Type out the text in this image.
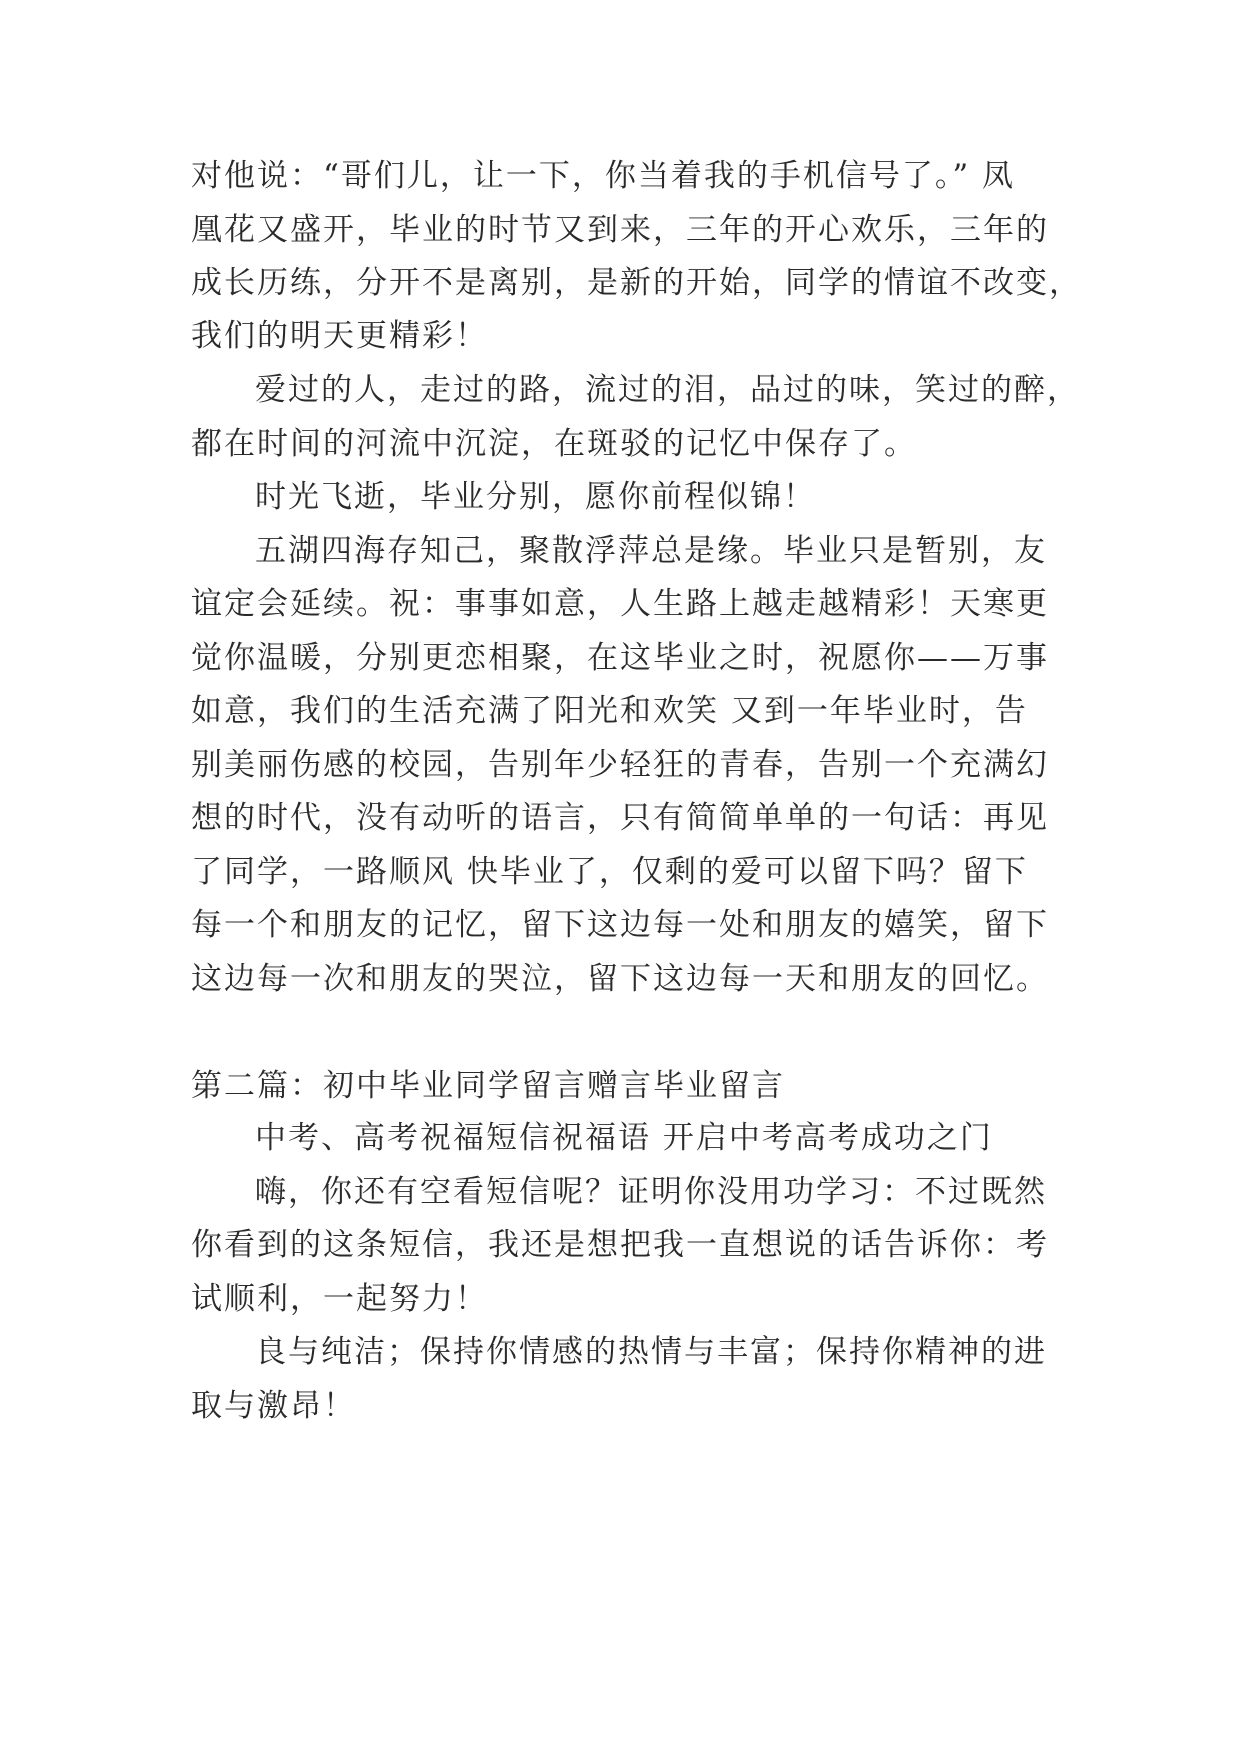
对他说：“哥们儿，让一下，你当着我的手机信号了。” 凤
凰花又盛开，毕业的时节又到来，三年的开心欢乐，三年的
成长历练，分开不是离别，是新的开始，同学的情谊不改变，
我们的明天更精彩！
爱过的人，走过的路，流过的泪，品过的味，笑过的醉，
都在时间的河流中沉淀，在斑驳的记忆中保存了。
时光飞逝，毕业分别，愿你前程似锦！
五湖四海存知己，聚散浮萍总是缘。毕业只是暂别，友
谊定会延续。祝：事事如意，人生路上越走越精彩！天寒更
觉你温暖，分别更恋相聚，在这毕业之时，祝愿你——万事
如意，我们的生活充满了阳光和欢笑 又到一年毕业时，告
别美丽伤感的校园，告别年少轻狂的青春，告别一个充满幻
想的时代，没有动听的语言，只有简简单单的一句话：再见
了同学，一路顺风 快毕业了，仅剩的爱可以留下吗？留下
每一个和朋友的记忆，留下这边每一处和朋友的嬉笑，留下
这边每一次和朋友的哭泣，留下这边每一天和朋友的回忆。
第二篇：初中毕业同学留言赠言毕业留言
中考、高考祝福短信祝福语 开启中考高考成功之门
嗨，你还有空看短信呢？证明你没用功学习：不过既然
你看到的这条短信，我还是想把我一直想说的话告诉你：考
试顺利，一起努力！
良与纯洁；保持你情感的热情与丰富；保持你精神的进
取与激昂！
